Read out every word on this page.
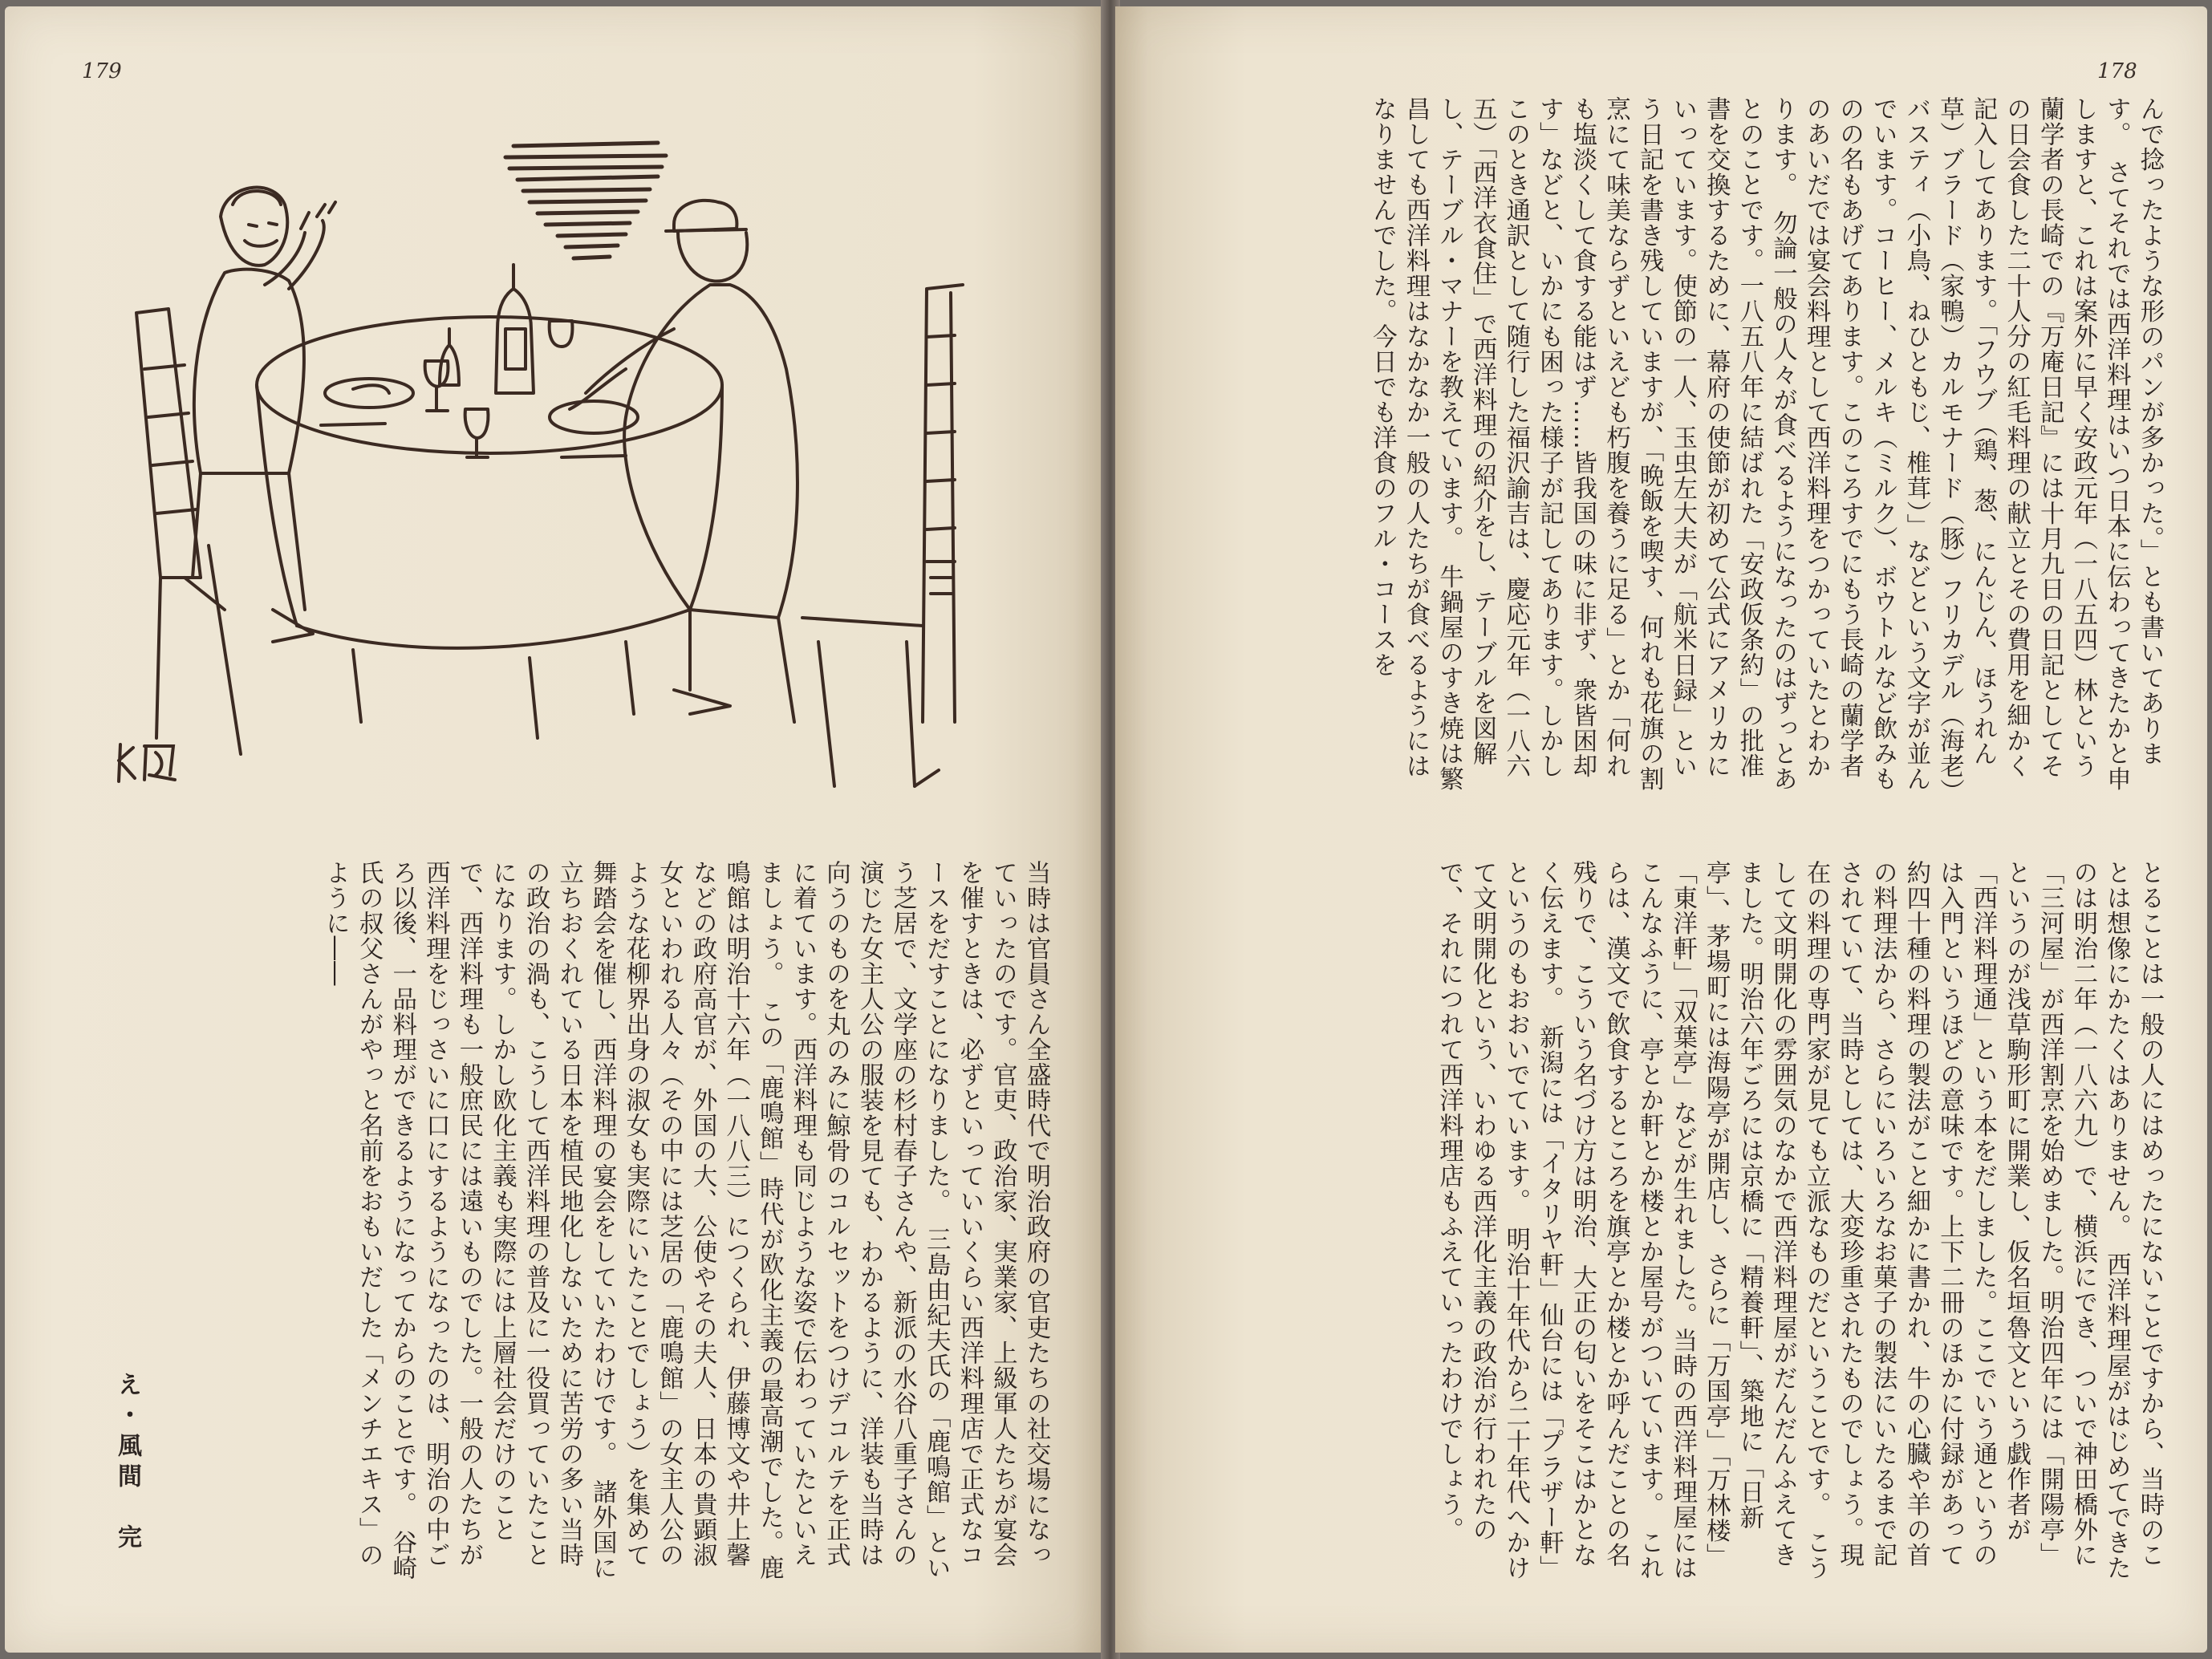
179	178

んで捻ったような形のパンが多かった。」とも書いてあります。　さてそれでは西洋料理はいつ日本に伝わってきたかと申しますと、これは案外に早く安政元年（一八五四）林という蘭学者の長崎での『万庵日記』には十月九日の日記としてその日会食した二十人分の紅毛料理の献立とその費用を細かく記入してあります。「フウブ（鶏、葱、にんじん、ほうれん草）ブラード（家鴨）カルモナード（豚）フリカデル（海老）バスティ（小鳥、ねひともじ、椎茸）」などという文字が並んでいます。コーヒー、メルキ（ミルク）、ボウトルなど飲みものの名もあげてあります。このころすでにもう長崎の蘭学者のあいだでは宴会料理として西洋料理をつかっていたとわかります。　勿論一般の人々が食べるようになったのはずっとあとのことです。一八五八年に結ばれた「安政仮条約」の批准書を交換するために、幕府の使節が初めて公式にアメリカにいっています。使節の一人、玉虫左大夫が「航米日録」という日記を書き残していますが、「晩飯を喫す、何れも花旗の割烹にて味美ならずといえども朽腹を養うに足る」とか「何れも塩淡くして食する能はず……皆我国の味に非ず、衆皆困却す」などと、いかにも困った様子が記してあります。しかしこのとき通訳として随行した福沢諭吉は、慶応元年（一八六五）「西洋衣食住」で西洋料理の紹介をし、テーブルを図解し、テーブル・マナーを教えています。　牛鍋屋のすき焼は繁昌しても西洋料理はなかなか一般の人たちが食べるようにはなりませんでした。今日でも洋食のフル・コースを

とることは一般の人にはめったにないことですから、当時のことは想像にかたくはありません。　西洋料理屋がはじめてできたのは明治二年（一八六九）で、横浜にでき、ついで神田橋外に「三河屋」が西洋割烹を始めました。明治四年には「開陽亭」というのが浅草駒形町に開業し、仮名垣魯文という戯作者が「西洋料理通」という本をだしました。ここでいう通というのは入門というほどの意味です。上下二冊のほかに付録があって約四十種の料理の製法がこと細かに書かれ、牛の心臓や羊の首の料理法から、さらにいろいろなお菓子の製法にいたるまで記されていて、当時としては、大変珍重されたものでしょう。現在の料理の専門家が見ても立派なものだということです。　こうして文明開化の雰囲気のなかで西洋料理屋がだんだんふえてきました。明治六年ごろには京橋に「精養軒」、築地に「日新亭」、茅場町には海陽亭が開店し、さらに「万国亭」「万林楼」「東洋軒」「双葉亭」などが生れました。当時の西洋料理屋にはこんなふうに、亭とか軒とか楼とか屋号がついています。　これらは、漢文で飲食するところを旗亭とか楼とか呼んだことの名残りで、こういう名づけ方は明治、大正の匂いをそこはかとなく伝えます。　新潟には「イタリヤ軒」仙台には「プラザー軒」というのもおおいでています。　明治十年代から二十年代へかけて文明開化という、いわゆる西洋化主義の政治が行われたので、それにつれて西洋料理店もふえていったわけでしょう。

当時は官員さん全盛時代で明治政府の官吏たちの社交場になっていったのです。官吏、政治家、実業家、上級軍人たちが宴会を催すときは、必ずといっていいくらい西洋料理店で正式なコースをだすことになりました。　三島由紀夫氏の「鹿鳴館」という芝居で、文学座の杉村春子さんや、新派の水谷八重子さんの演じた女主人公の服装を見ても、わかるように、洋装も当時は向うのものを丸のみに鯨骨のコルセットをつけデコルテを正式に着ています。西洋料理も同じような姿で伝わっていたといえましょう。　この「鹿鳴館」時代が欧化主義の最高潮でした。鹿鳴館は明治十六年（一八八三）につくられ、伊藤博文や井上馨などの政府高官が、外国の大、公使やその夫人、日本の貴顕淑女といわれる人々（その中には芝居の「鹿鳴館」の女主人公のような花柳界出身の淑女も実際にいたことでしょう）を集めて舞踏会を催し、西洋料理の宴会をしていたわけです。　諸外国に立ちおくれている日本を植民地化しないために苦労の多い当時の政治の渦も、こうして西洋料理の普及に一役買っていたことになります。しかし欧化主義も実際には上層社会だけのことで、西洋料理も一般庶民には遠いものでした。一般の人たちが西洋料理をじっさいに口にするようになったのは、明治の中ごろ以後、一品料理ができるようになってからのことです。　谷崎氏の叔父さんがやっと名前をおもいだした「メンチエキス」のように――

え・風間　完
